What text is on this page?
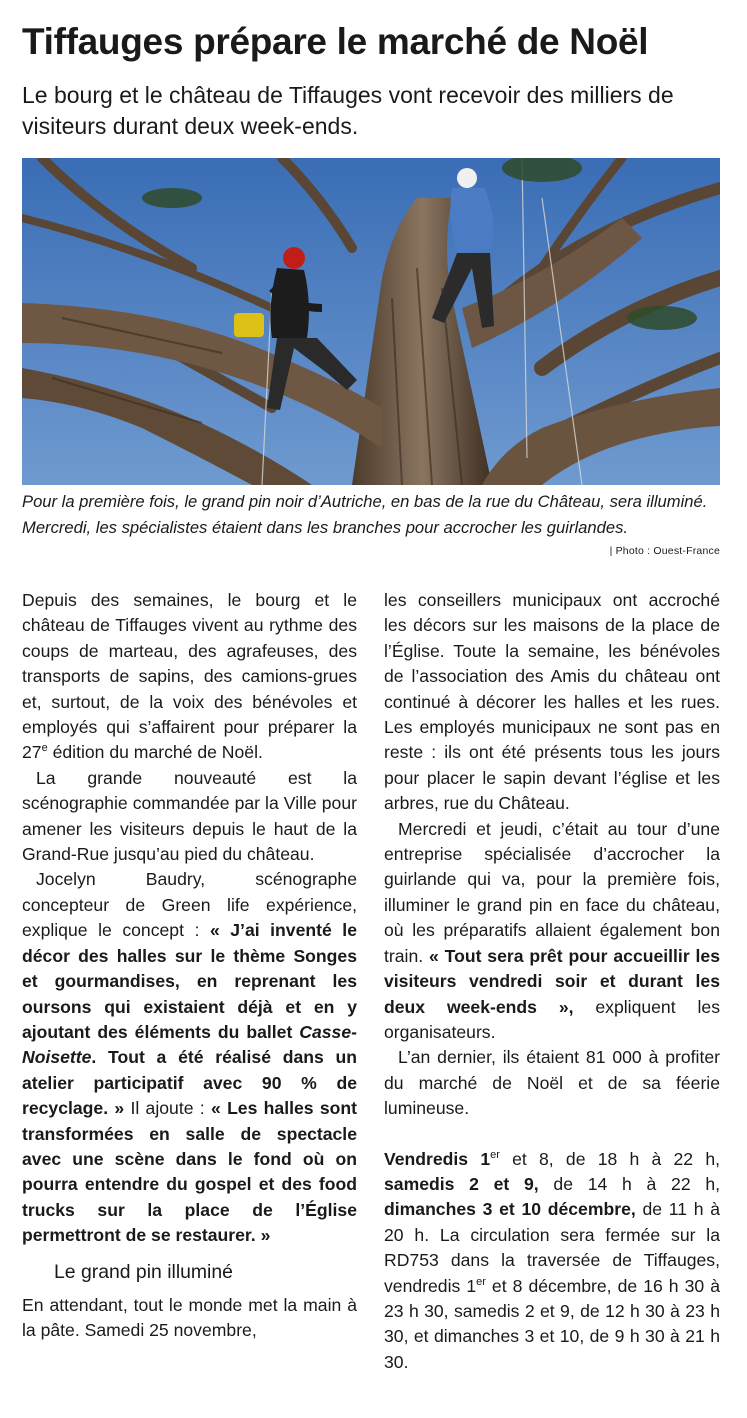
Tiffauges prépare le marché de Noël

Le bourg et le château de Tiffauges vont recevoir des milliers de visiteurs durant deux week-ends.

Pour la première fois, le grand pin noir d’Autriche, en bas de la rue du Château, sera illuminé. Mercredi, les spécialistes étaient dans les branches pour accrocher les guirlandes.

| Photo : Ouest-France

Depuis des semaines, le bourg et le château de Tiffauges vivent au rythme des coups de marteau, des agrafeuses, des transports de sapins, des camions-grues et, surtout, de la voix des bénévoles et employés qui s’affairent pour préparer la 27e édition du marché de Noël.

La grande nouveauté est la scénographie commandée par la Ville pour amener les visiteurs depuis le haut de la Grand-Rue jusqu’au pied du château.

Jocelyn Baudry, scénographe concepteur de Green life expérience, explique le concept : « J’ai inventé le décor des halles sur le thème Songes et gourmandises, en reprenant les oursons qui existaient déjà et en y ajoutant des éléments du ballet Casse-Noisette. Tout a été réalisé dans un atelier participatif avec 90 % de recyclage. » Il ajoute : « Les halles sont transformées en salle de spectacle avec une scène dans le fond où on pourra entendre du gospel et des food trucks sur la place de l’Église permettront de se restaurer. »

Le grand pin illuminé

En attendant, tout le monde met la main à la pâte. Samedi 25 novembre,

les conseillers municipaux ont accroché les décors sur les maisons de la place de l’Église. Toute la semaine, les bénévoles de l’association des Amis du château ont continué à décorer les halles et les rues. Les employés municipaux ne sont pas en reste : ils ont été présents tous les jours pour placer le sapin devant l’église et les arbres, rue du Château.

Mercredi et jeudi, c’était au tour d’une entreprise spécialisée d’accrocher la guirlande qui va, pour la première fois, illuminer le grand pin en face du château, où les préparatifs allaient également bon train. « Tout sera prêt pour accueillir les visiteurs vendredi soir et durant les deux week-ends », expliquent les organisateurs.

L’an dernier, ils étaient 81 000 à profiter du marché de Noël et de sa féerie lumineuse.

Vendredis 1er et 8, de 18 h à 22 h, samedis 2 et 9, de 14 h à 22 h, dimanches 3 et 10 décembre, de 11 h à 20 h. La circulation sera fermée sur la RD753 dans la traversée de Tiffauges, vendredis 1er et 8 décembre, de 16 h 30 à 23 h 30, samedis 2 et 9, de 12 h 30 à 23 h 30, et dimanches 3 et 10, de 9 h 30 à 21 h 30.
